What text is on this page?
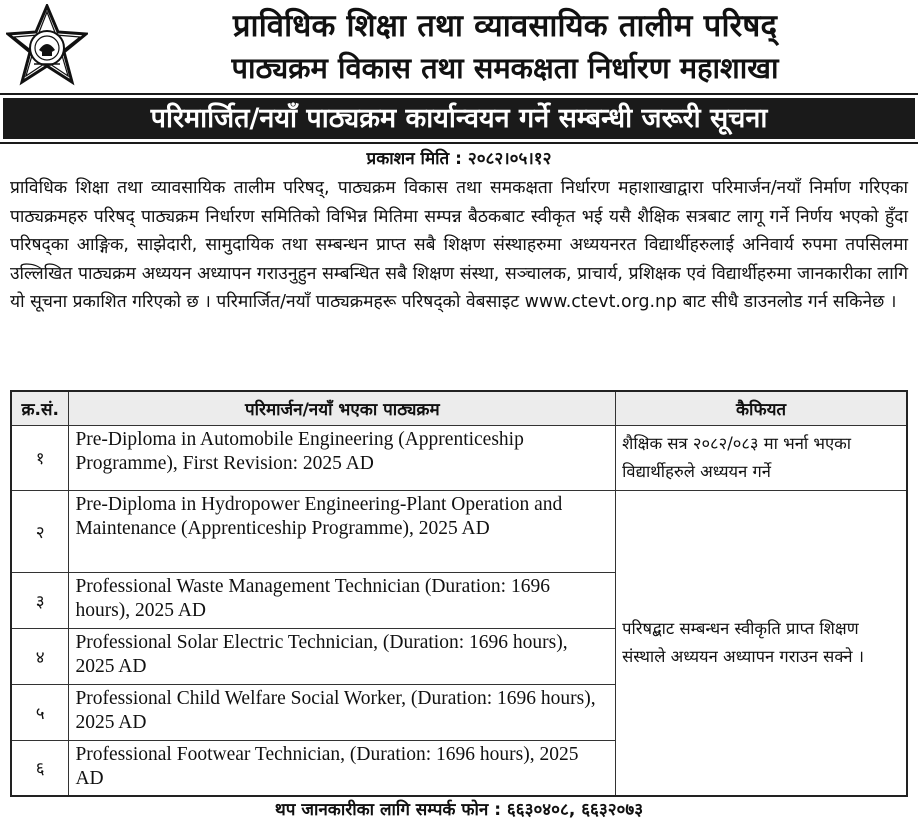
प्राविधिक शिक्षा तथा व्यावसायिक तालीम परिषद्
पाठ्यक्रम विकास तथा समकक्षता निर्धारण महाशाखा
परिमार्जित/नयाँ पाठ्यक्रम कार्यान्वयन गर्ने सम्बन्धी जरूरी सूचना
प्रकाशन मिति : २०८२।०५।१२

प्राविधिक शिक्षा तथा व्यावसायिक तालीम परिषद्, पाठ्यक्रम विकास तथा समकक्षता निर्धारण महाशाखाद्वारा परिमार्जन/नयाँ निर्माण गरिएका पाठ्यक्रमहरु परिषद् पाठ्यक्रम निर्धारण समितिको विभिन्न मितिमा सम्पन्न बैठकबाट स्वीकृत भई यसै शैक्षिक सत्रबाट लागू गर्ने निर्णय भएको हुँदा परिषद्का आङ्गिक, साझेदारी, सामुदायिक तथा सम्बन्धन प्राप्त सबै शिक्षण संस्थाहरुमा अध्ययनरत विद्यार्थीहरुलाई अनिवार्य रुपमा तपसिलमा उल्लिखित पाठ्यक्रम अध्ययन अध्यापन गराउनुहुन सम्बन्धित सबै शिक्षण संस्था, सञ्चालक, प्राचार्य, प्रशिक्षक एवं विद्यार्थीहरुमा जानकारीका लागि यो सूचना प्रकाशित गरिएको छ । परिमार्जित/नयाँ पाठ्यक्रमहरू परिषद्को वेबसाइट www.ctevt.org.np बाट सीधै डाउनलोड गर्न सकिनेछ ।

क्र.सं.	परिमार्जन/नयाँ भएका पाठ्यक्रम	कैफियत
१	Pre-Diploma in Automobile Engineering (Apprenticeship Programme), First Revision: 2025 AD	शैक्षिक सत्र २०८२/०८३ मा भर्ना भएका विद्यार्थीहरुले अध्ययन गर्ने
२	Pre-Diploma in Hydropower Engineering-Plant Operation and Maintenance (Apprenticeship Programme), 2025 AD	परिषद्बाट सम्बन्धन स्वीकृति प्राप्त शिक्षण संस्थाले अध्ययन अध्यापन गराउन सक्ने ।
३	Professional Waste Management Technician (Duration: 1696 hours), 2025 AD	
४	Professional Solar Electric Technician, (Duration: 1696 hours), 2025 AD	
५	Professional Child Welfare Social Worker, (Duration: 1696 hours), 2025 AD	
६	Professional Footwear Technician, (Duration: 1696 hours), 2025 AD	
थप जानकारीका लागि सम्पर्क फोन : ६६३०४०८, ६६३२०७३
